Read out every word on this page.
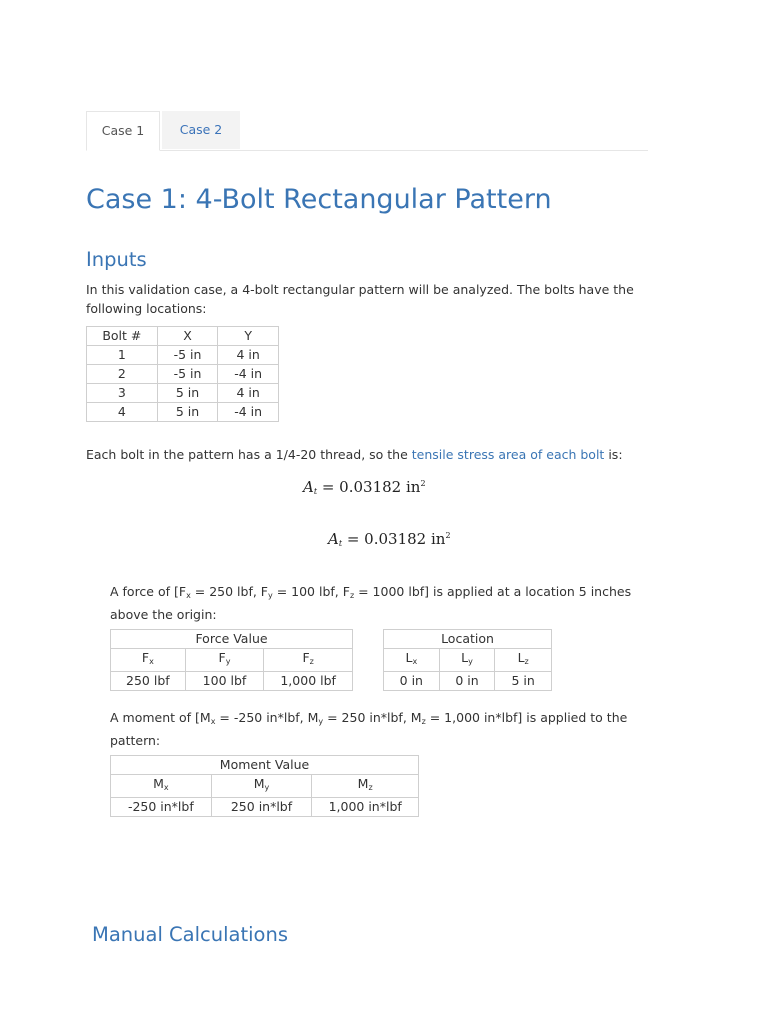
Case 1	Case 2
Case 1: 4-Bolt Rectangular Pattern
Inputs
In this validation case, a 4-bolt rectangular pattern will be analyzed. The bolts have the following locations:
Bolt #	X	Y
1	-5 in	4 in
2	-5 in	-4 in
3	5 in	4 in
4	5 in	-4 in
Each bolt in the pattern has a 1/4-20 thread, so the tensile stress area of each bolt is:
$A_t = 0.03182$ $in^2$
$A_t = 0.03182$ $in^2$
A force of [$F_x = 250$ lbf, $F_y = 100$ lbf, $F_z = 1000$ lbf] is applied at a location 5 inches above the origin:
Force Value		
$F_x$	$F_y$	$F_z$
250 lbf	100 lbf	1,000 lbf
Location		
$L_x$	$L_y$	$L_z$
0 in	0 in	5 in
A moment of [$M_x = -250$ in*lbf, $M_y = 250$ in*lbf, $M_z = 1,000$ in*lbf] is applied to the pattern:
Moment Value		
$M_x$	$M_y$	$M_z$
-250 in*lbf	250 in*lbf	1,000 in*lbf
Manual Calculations
